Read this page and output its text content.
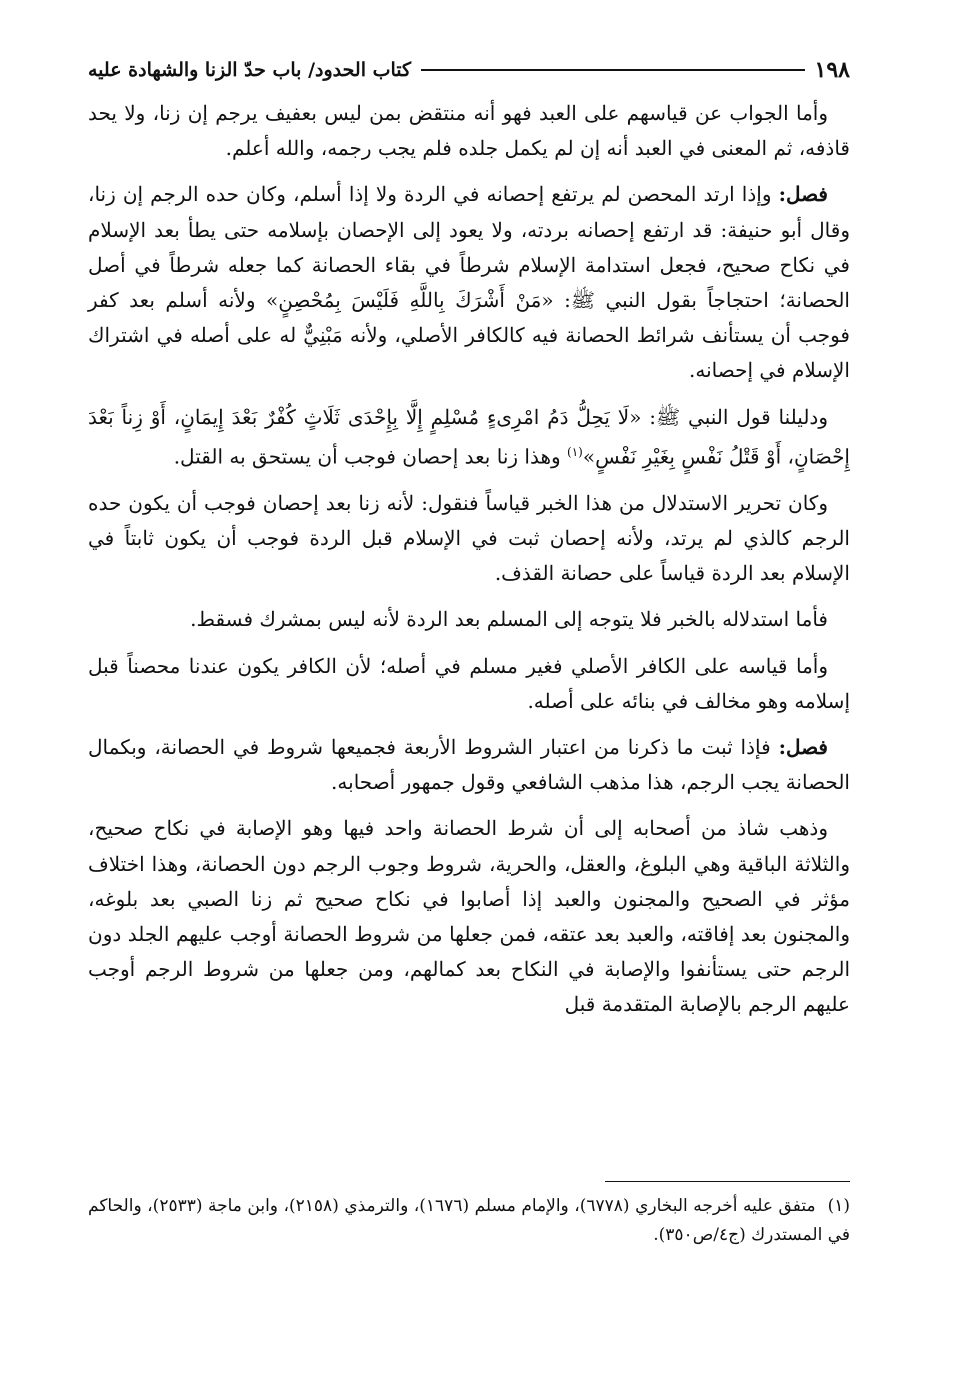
١٩٨
كتاب الحدود/ باب حدّ الزنا والشهادة عليه

وأما الجواب عن قياسهم على العبد فهو أنه منتقض بمن ليس بعفيف يرجم إن زنا، ولا يحد قاذفه، ثم المعنى في العبد أنه إن لم يكمل جلده فلم يجب رجمه، والله أعلم.

فصل: وإذا ارتد المحصن لم يرتفع إحصانه في الردة ولا إذا أسلم، وكان حده الرجم إن زنا، وقال أبو حنيفة: قد ارتفع إحصانه بردته، ولا يعود إلى الإحصان بإسلامه حتى يطأ بعد الإسلام في نكاح صحيح، فجعل استدامة الإسلام شرطاً في بقاء الحصانة كما جعله شرطاً في أصل الحصانة؛ احتجاجاً بقول النبي ﷺ: «مَنْ أَشْرَكَ بِاللَّهِ فَلَيْسَ بِمُحْصِنٍ» ولأنه أسلم بعد كفر فوجب أن يستأنف شرائط الحصانة فيه كالكافر الأصلي، ولأنه مَبْنِيٌّ له على أصله في اشتراك الإسلام في إحصانه.

ودليلنا قول النبي ﷺ: «لَا يَحِلُّ دَمُ امْرِىءٍ مُسْلِمٍ إِلَّا بِإِحْدَى ثَلَاثٍ كُفْرٌ بَعْدَ إِيمَانٍ، أَوْ زِناً بَعْدَ إِحْصَانٍ، أَوْ قَتْلُ نَفْسٍ بِغَيْرِ نَفْسٍ»$^{(١)}$ وهذا زنا بعد إحصان فوجب أن يستحق به القتل.

وكان تحرير الاستدلال من هذا الخبر قياساً فنقول: لأنه زنا بعد إحصان فوجب أن يكون حده الرجم كالذي لم يرتد، ولأنه إحصان ثبت في الإسلام قبل الردة فوجب أن يكون ثابتاً في الإسلام بعد الردة قياساً على حصانة القذف.

فأما استدلاله بالخبر فلا يتوجه إلى المسلم بعد الردة لأنه ليس بمشرك فسقط.

وأما قياسه على الكافر الأصلي فغير مسلم في أصله؛ لأن الكافر يكون عندنا محصناً قبل إسلامه وهو مخالف في بنائه على أصله.

فصل: فإذا ثبت ما ذكرنا من اعتبار الشروط الأربعة فجميعها شروط في الحصانة، وبكمال الحصانة يجب الرجم، هذا مذهب الشافعي وقول جمهور أصحابه.

وذهب شاذ من أصحابه إلى أن شرط الحصانة واحد فيها وهو الإصابة في نكاح صحيح، والثلاثة الباقية وهي البلوغ، والعقل، والحرية، شروط وجوب الرجم دون الحصانة، وهذا اختلاف مؤثر في الصحيح والمجنون والعبد إذا أصابوا في نكاح صحيح ثم زنا الصبي بعد بلوغه، والمجنون بعد إفاقته، والعبد بعد عتقه، فمن جعلها من شروط الحصانة أوجب عليهم الجلد دون الرجم حتى يستأنفوا والإصابة في النكاح بعد كمالهم، ومن جعلها من شروط الرجم أوجب عليهم الرجم بالإصابة المتقدمة قبل

(١)متفق عليه أخرجه البخاري (٦٧٧٨)، والإمام مسلم (١٦٧٦)، والترمذي (٢١٥٨)، وابن ماجة (٢٥٣٣)، والحاكم في المستدرك (ج٤/ص٣٥٠).
